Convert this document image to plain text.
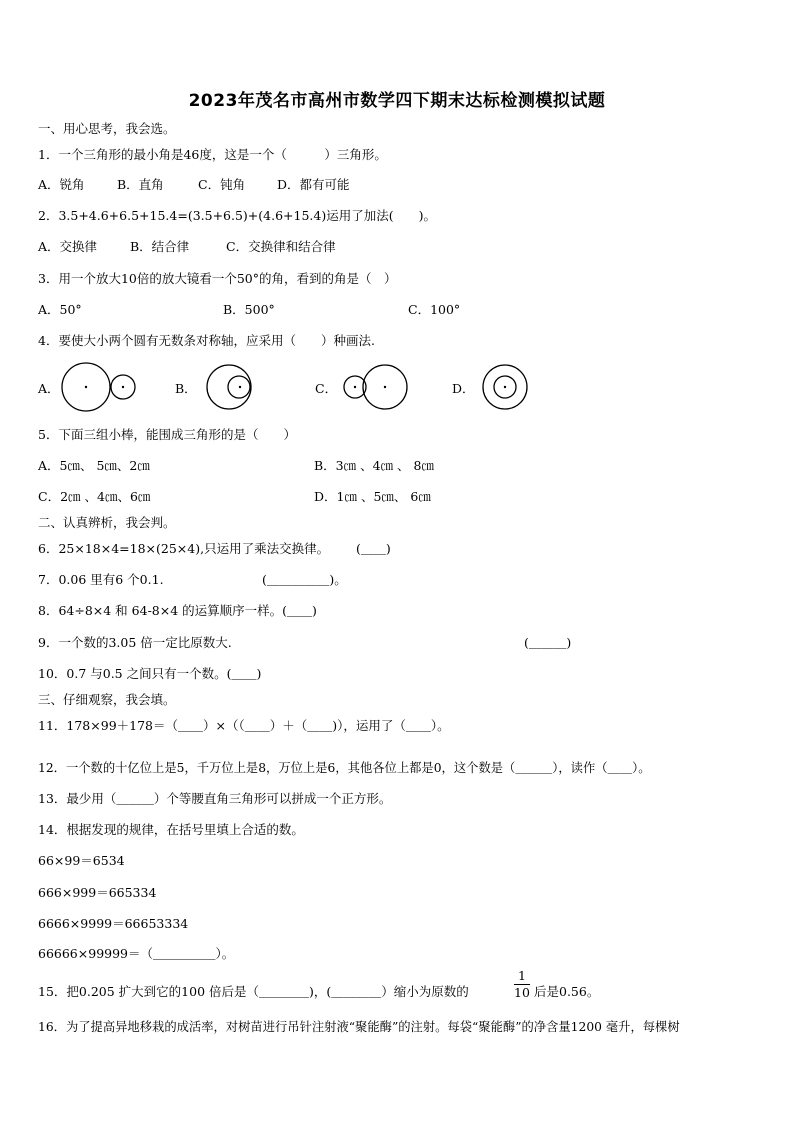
2023年茂名市高州市数学四下期末达标检测模拟试题
一、用心思考，我会选。
1．一个三角形的最小角是46度，这是一个（　　　）三角形。
A．锐角	B．直角	C．钝角	D．都有可能
2．3.5+4.6+6.5+15.4=(3.5+6.5)+(4.6+15.4)运用了加法(　　)。
A．交换律	B．结合律	C．交换律和结合律
3．用一个放大10倍的放大镜看一个50°的角，看到的角是（　）
A．50°	B．500°	C．100°
4．要使大小两个圆有无数条对称轴，应采用（　　）种画法.
A．	B．	C．	D．
5．下面三组小棒，能围成三角形的是（　　）
A．5㎝、 5㎝、2㎝	B．3㎝ 、4㎝ 、 8㎝
C．2㎝ 、4㎝、6㎝	D．1㎝ 、5㎝、 6㎝
二、认真辨析，我会判。
6．25×18×4=18×(25×4),只运用了乘法交换律。 (＿＿)
7．0.06 里有6 个0.1.	(＿＿＿＿＿)。
8．64÷8×4 和 64-8×4 的运算顺序一样。(＿＿)
9．一个数的3.05 倍一定比原数大.	(＿＿＿)
10．0.7 与0.5 之间只有一个数。(＿＿)
三、仔细观察，我会填。
11．178×99＋178＝（＿＿）×（（＿＿）＋（＿＿)），运用了（＿＿）。
12．一个数的十亿位上是5，千万位上是8，万位上是6，其他各位上都是0，这个数是（＿＿＿），读作（＿＿）。
13．最少用（＿＿＿）个等腰直角三角形可以拼成一个正方形。
14．根据发现的规律，在括号里填上合适的数。
66×99＝6534
666×999＝665334
6666×9999＝66653334
66666×99999＝（＿＿＿＿＿）。
15．把0.205 扩大到它的100 倍后是（＿＿＿＿)，(＿＿＿＿）缩小为原数的
1
10 后是0.56。
16．为了提高异地移栽的成活率，对树苗进行吊针注射液“聚能酶”的注射。每袋“聚能酶”的净含量1200 毫升，每棵树
